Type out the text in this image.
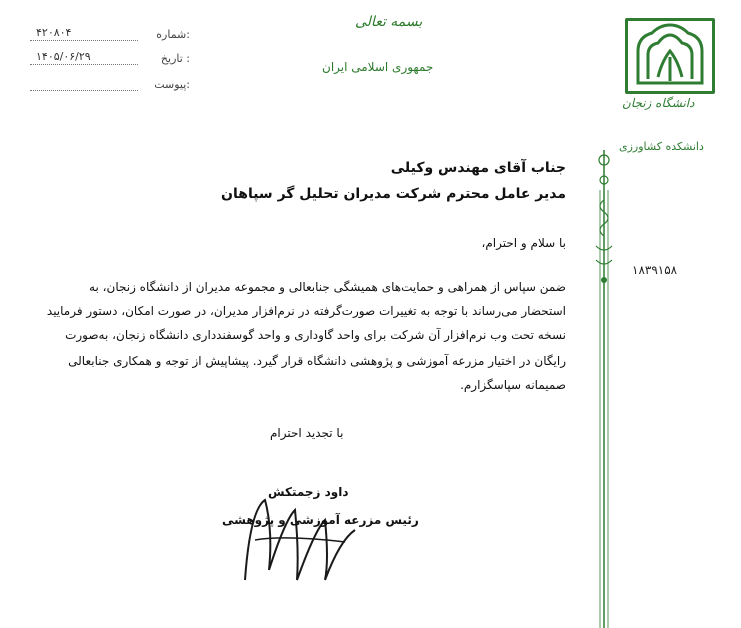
شماره:
۴۲۰۸۰۴
تاریخ :
۱۴۰۵/۰۶/۲۹
پیوست:
بسمه تعالی
جمهوری اسلامی ایران
دانشگاه زنجان
دانشکده کشاورزی
۱۸۳۹۱۵۸
جناب آقای مهندس وکیلی
مدیر عامل محترم شرکت مدیران تحلیل گر سپاهان
با سلام و احترام،
ضمن سپاس از همراهی و حمایت‌های همیشگی جنابعالی و مجموعه مدیران از دانشگاه زنجان، به
استحضار می‌رساند با توجه به تغییرات صورت‌گرفته در نرم‌افزار مدیران، در صورت امکان، دستور فرمایید
نسخه تحت وب نرم‌افزار آن شرکت برای واحد گاوداری و واحد گوسفندداری دانشگاه زنجان، به‌صورت
رایگان در اختیار مزرعه آموزشی و پژوهشی دانشگاه قرار گیرد. پیشاپیش از توجه و همکاری جنابعالی
صمیمانه سپاسگزارم.
با تجدید احترام
داود زجمتکش
رئیس مزرعه آموزشی و پژوهشی
